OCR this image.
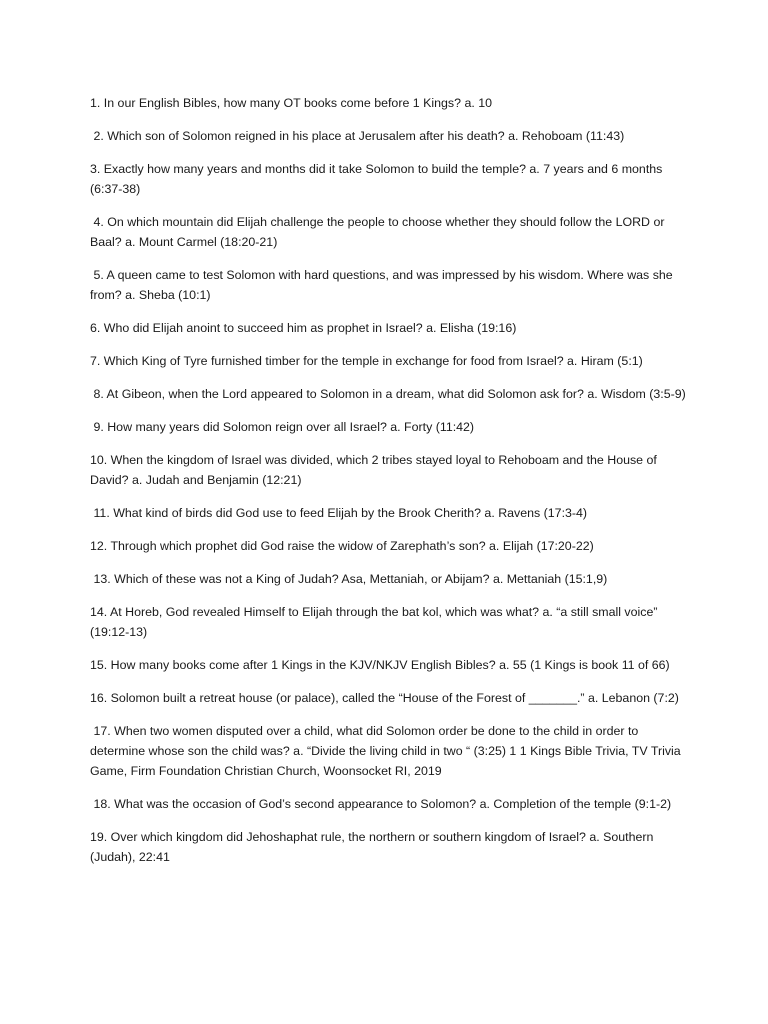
1. In our English Bibles, how many OT books come before 1 Kings? a. 10

2. Which son of Solomon reigned in his place at Jerusalem after his death? a. Rehoboam (11:43)

3. Exactly how many years and months did it take Solomon to build the temple? a. 7 years and 6 months (6:37-38)

4. On which mountain did Elijah challenge the people to choose whether they should follow the LORD or Baal? a. Mount Carmel (18:20-21)

5. A queen came to test Solomon with hard questions, and was impressed by his wisdom. Where was she from? a. Sheba (10:1)

6. Who did Elijah anoint to succeed him as prophet in Israel? a. Elisha (19:16)

7. Which King of Tyre furnished timber for the temple in exchange for food from Israel? a. Hiram (5:1)

8. At Gibeon, when the Lord appeared to Solomon in a dream, what did Solomon ask for? a. Wisdom (3:5-9)

9. How many years did Solomon reign over all Israel? a. Forty (11:42)

10. When the kingdom of Israel was divided, which 2 tribes stayed loyal to Rehoboam and the House of David? a. Judah and Benjamin (12:21)

11. What kind of birds did God use to feed Elijah by the Brook Cherith? a. Ravens (17:3-4)

12. Through which prophet did God raise the widow of Zarephath’s son? a. Elijah (17:20-22)

13. Which of these was not a King of Judah? Asa, Mettaniah, or Abijam? a. Mettaniah (15:1,9)

14. At Horeb, God revealed Himself to Elijah through the bat kol, which was what? a. “a still small voice” (19:12-13)

15. How many books come after 1 Kings in the KJV/NKJV English Bibles? a. 55 (1 Kings is book 11 of 66)

16. Solomon built a retreat house (or palace), called the “House of the Forest of _______.” a. Lebanon (7:2)

17. When two women disputed over a child, what did Solomon order be done to the child in order to determine whose son the child was? a. “Divide the living child in two “ (3:25) 1 1 Kings Bible Trivia, TV Trivia Game, Firm Foundation Christian Church, Woonsocket RI, 2019

18. What was the occasion of God’s second appearance to Solomon? a. Completion of the temple (9:1-2)

19. Over which kingdom did Jehoshaphat rule, the northern or southern kingdom of Israel? a. Southern (Judah), 22:41
